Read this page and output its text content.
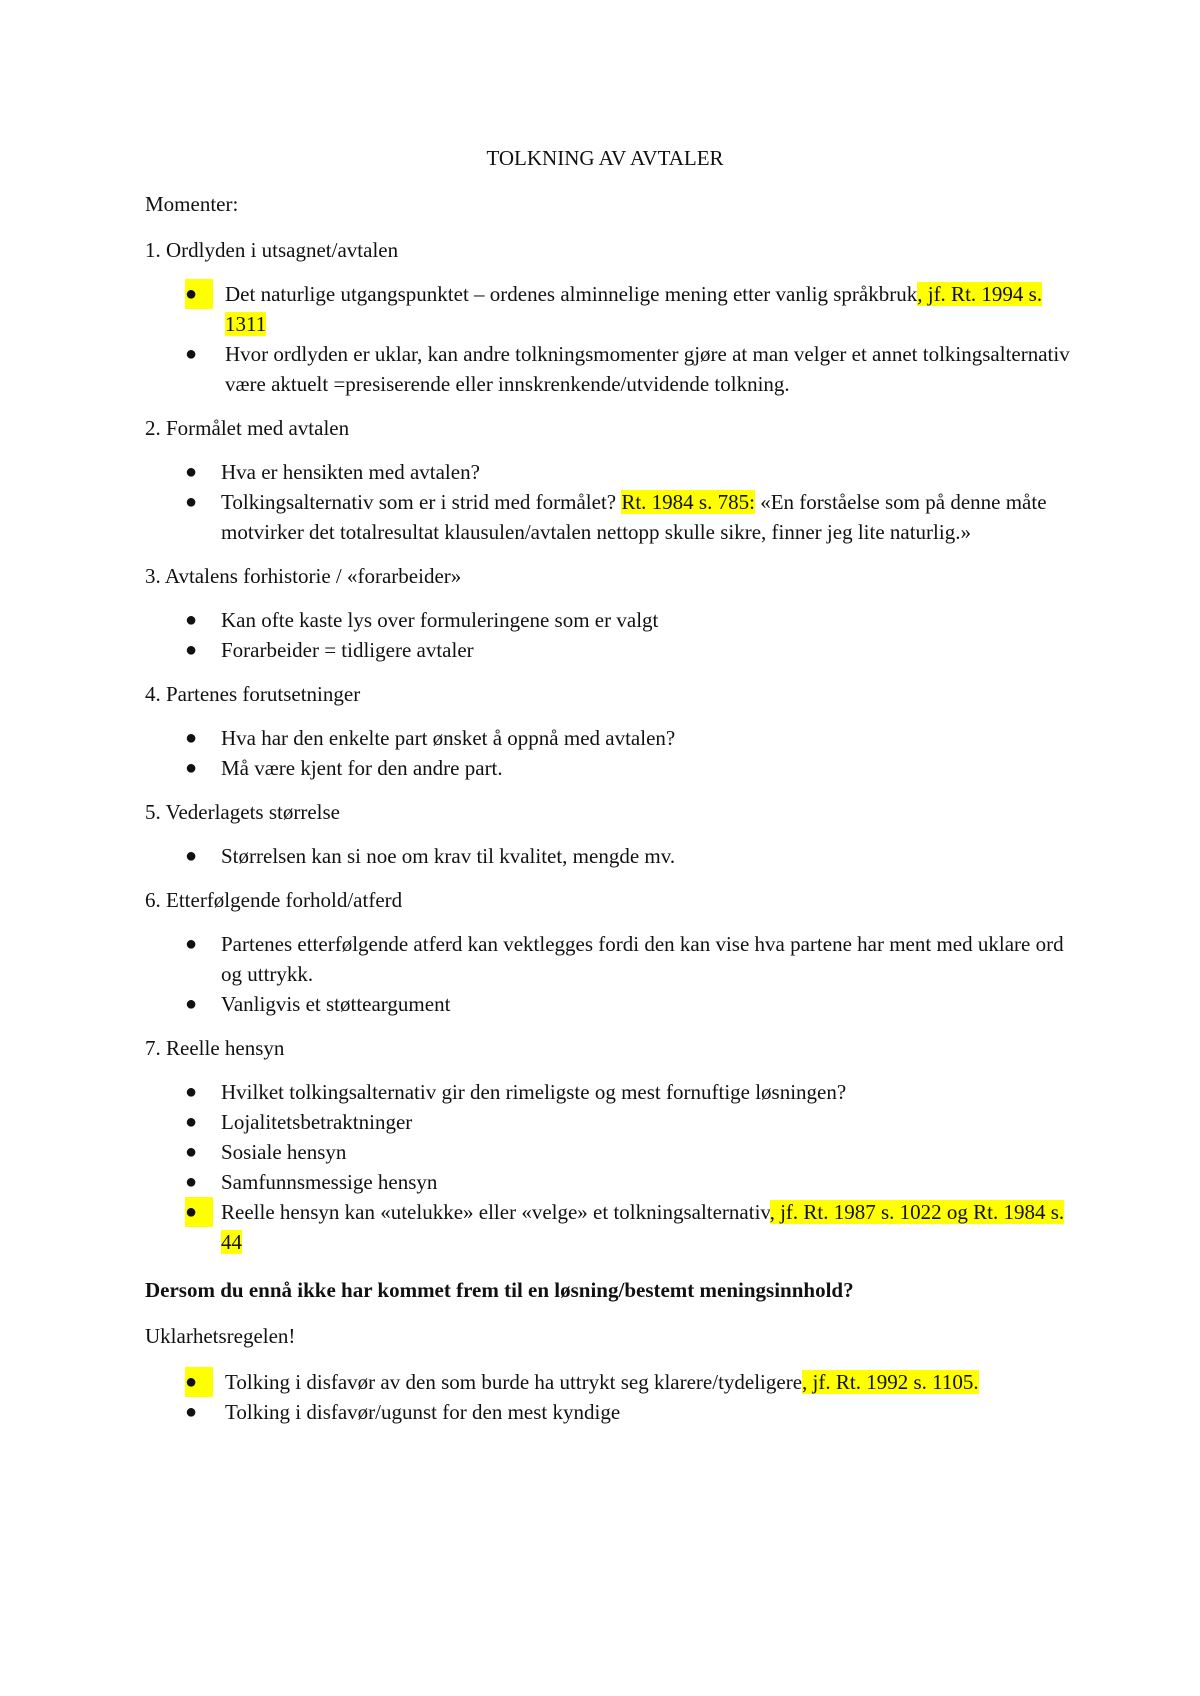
TOLKNING AV AVTALER
Momenter:
1. Ordlyden i utsagnet/avtalen
●	Det naturlige utgangspunktet – ordenes alminnelige mening etter vanlig språkbruk, jf. Rt. 1994 s. 1311
●	Hvor ordlyden er uklar, kan andre tolkningsmomenter gjøre at man velger et annet tolkingsalternativ være aktuelt =presiserende eller innskrenkende/utvidende tolkning.
2. Formålet med avtalen
●	Hva er hensikten med avtalen?
●	Tolkingsalternativ som er i strid med formålet? Rt. 1984 s. 785: «En forståelse som på denne måte motvirker det totalresultat klausulen/avtalen nettopp skulle sikre, finner jeg lite naturlig.»
3. Avtalens forhistorie / «forarbeider»
●	Kan ofte kaste lys over formuleringene som er valgt
●	Forarbeider = tidligere avtaler
4. Partenes forutsetninger
●	Hva har den enkelte part ønsket å oppnå med avtalen?
●	Må være kjent for den andre part.
5. Vederlagets størrelse
●	Størrelsen kan si noe om krav til kvalitet, mengde mv.
6. Etterfølgende forhold/atferd
●	Partenes etterfølgende atferd kan vektlegges fordi den kan vise hva partene har ment med uklare ord og uttrykk.
●	Vanligvis et støtteargument
7. Reelle hensyn
●	Hvilket tolkingsalternativ gir den rimeligste og mest fornuftige løsningen?
●	Lojalitetsbetraktninger
●	Sosiale hensyn
●	Samfunnsmessige hensyn
●	Reelle hensyn kan «utelukke» eller «velge» et tolkningsalternativ, jf. Rt. 1987 s. 1022 og Rt. 1984 s. 44
Dersom du ennå ikke har kommet frem til en løsning/bestemt meningsinnhold?
Uklarhetsregelen!
●	Tolking i disfavør av den som burde ha uttrykt seg klarere/tydeligere, jf. Rt. 1992 s. 1105.
●	Tolking i disfavør/ugunst for den mest kyndige
